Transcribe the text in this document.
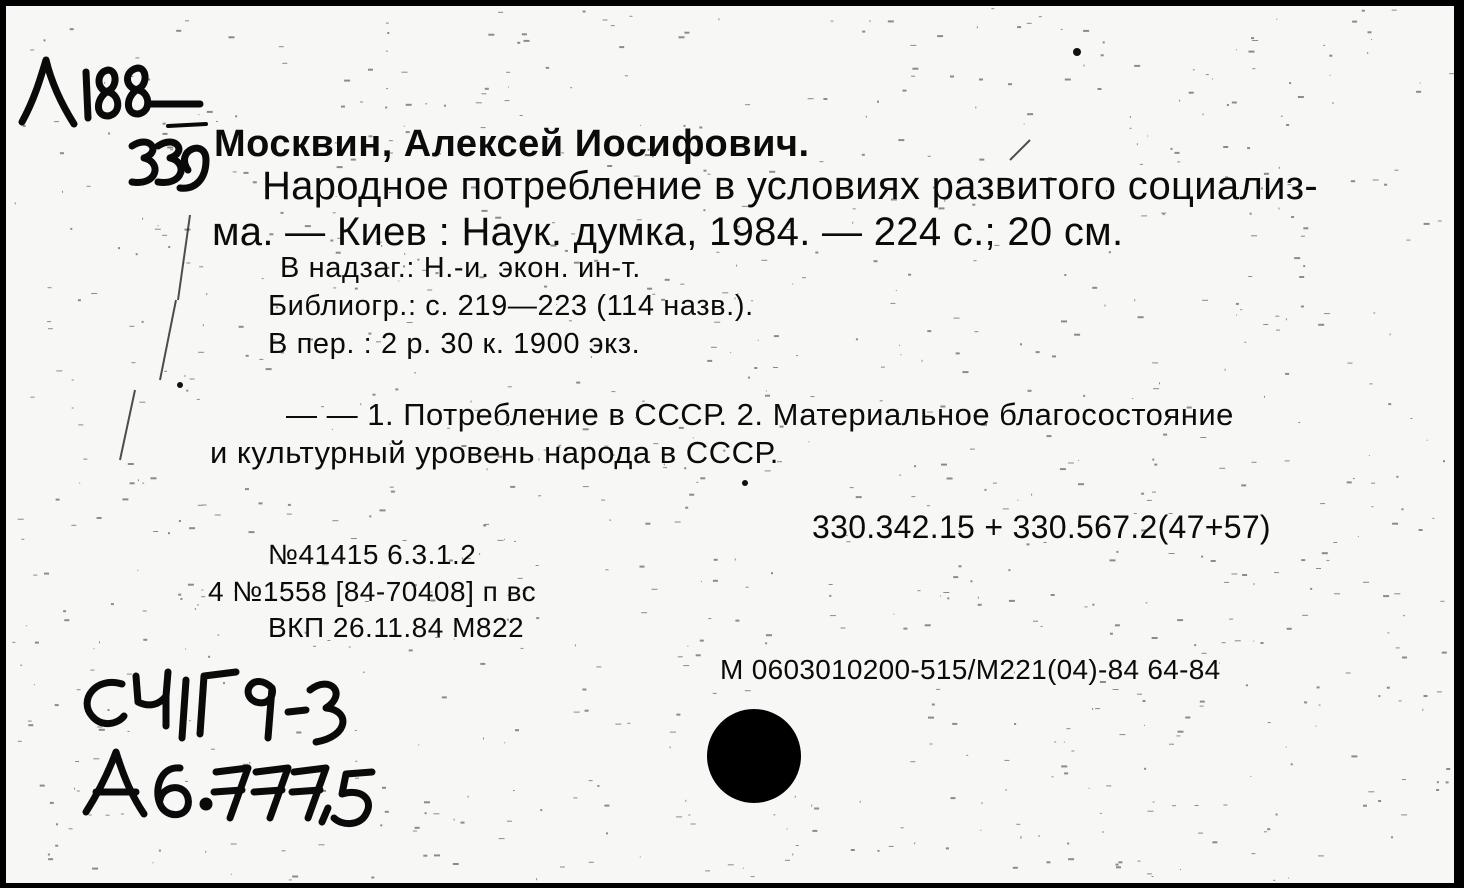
Москвин, Алексей Иосифович.
Народное потребление в условиях развитого социализ-
ма. — Киев : Наук. думка, 1984. — 224 с.; 20 см.
В надзаг.: Н.-и. экон. ин-т.
Библиогр.: с. 219—223 (114 назв.).
В пер. : 2 р. 30 к. 1900 экз.
— — 1. Потребление в СССР. 2. Материальное благосостояние
и культурный уровень народа в СССР.
330.342.15 + 330.567.2(47+57)
№41415 6.3.1.2
4 №1558 [84-70408] п вс
ВКП 26.11.84 М822
М 0603010200-515/М221(04)-84 64-84
